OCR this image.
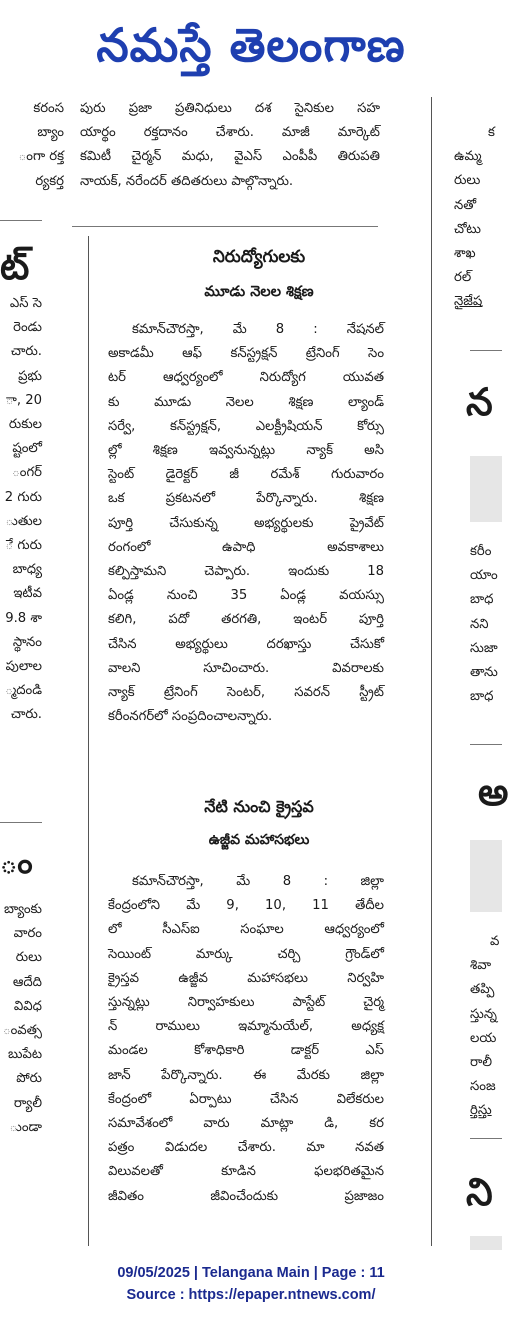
నమస్తే తెలంగాణ
కరంస
బ్యాం
ంగా రక్త
ర్యకర్త
పురు ప్రజా ప్రతినిధులు దశ సైనికుల సహ
యార్థం రక్తదానం చేశారు. మాజీ మార్కెట్
కమిటీ చైర్మన్ మధు, వైఎస్ ఎంపీపీ తిరుపతి
నాయక్, నరేందర్ తదితరులు పాల్గొన్నారు.
క
ఉమ్మ
రులు
నతో
చోటు
శాఖ
రల్
నైజేష
ట్
ఎస్ సె
రెండు
చారు.
ప్రభు
ా, 20
రుకుల
ష్టంలో
ంగర్
2 గురు
ుతుల
ే గురు
బాధ్య
ఇటీవ
9.8 శా
స్థానం
పులాల
్మదండి
చారు.
ం
బ్యాంకు
వారం
రులు
ఆదేది
వివిధ
ంవత్స
బుపేట
పోరు
ర్యాలీ
ుండా
న
కరీం
యాం
బాధ
నని
సుజా
తాను
బాధ
అ
వ
శివా
తప్పి
స్తున్న
లయ
రాలీ
సంజ
ర్తిస్తు
ని
నిరుద్యోగులకు
మూడు నెలల శిక్షణ
కమాన్‌చౌరస్తా, మే 8 : నేషనల్
అకాడమీ ఆఫ్ కన్‌స్ట్రక్షన్ ట్రేనింగ్ సెం
టర్ ఆధ్వర్యంలో నిరుద్యోగ యువత
కు మూడు నెలల శిక్షణ ల్యాండ్
సర్వే, కన్‌స్ట్రక్షన్, ఎలక్ట్రీషియన్ కోర్సు
ల్లో శిక్షణ ఇవ్వనున్నట్లు న్యాక్ అసి
స్టెంట్ డైరెక్టర్ జీ రమేశ్ గురువారం
ఒక ప్రకటనలో పేర్కొన్నారు. శిక్షణ
పూర్తి చేసుకున్న అభ్యర్థులకు ప్రైవేట్
రంగంలో ఉపాధి అవకాశాలు
కల్పిస్తామని చెప్పారు. ఇందుకు 18
ఏండ్ల నుంచి 35 ఏండ్ల వయస్సు
కలిగి, పదో తరగతి, ఇంటర్ పూర్తి
చేసిన అభ్యర్థులు దరఖాస్తు చేసుకో
వాలని సూచించారు. వివరాలకు
న్యాక్ ట్రేనింగ్ సెంటర్, సవరన్ స్ట్రీట్
కరీంనగర్‌లో సంప్రదించాలన్నారు.
నేటి నుంచి క్రైస్తవ
ఉజ్జీవ మహాసభలు
కమాన్‌చౌరస్తా, మే 8 : జిల్లా
కేంద్రంలోని మే 9, 10, 11 తేదీల
లో సీఎస్ఐ సంఘాల ఆధ్వర్యంలో
సెయింట్ మార్కు చర్చి గ్రౌండ్‌లో
క్రైస్తవ ఉజ్జీవ మహాసభలు నిర్వహి
స్తున్నట్లు నిర్వాహకులు పాస్టేట్ చైర్మ
న్ రాములు ఇమ్మానుయేల్, అధ్యక్ష
మండల కోశాధికారి డాక్టర్ ఎస్
జాన్ పేర్కొన్నారు. ఈ మేరకు జిల్లా
కేంద్రంలో ఏర్పాటు చేసిన విలేకరుల
సమావేశంలో వారు మాట్లా డి, కర
పత్రం విడుదల చేశారు. మా నవత
విలువలతో కూడిన ఫలభరితమైన
జీవితం జీవించేందుకు ప్రజాజం
09/05/2025 | Telangana Main | Page : 11
Source : https://epaper.ntnews.com/
